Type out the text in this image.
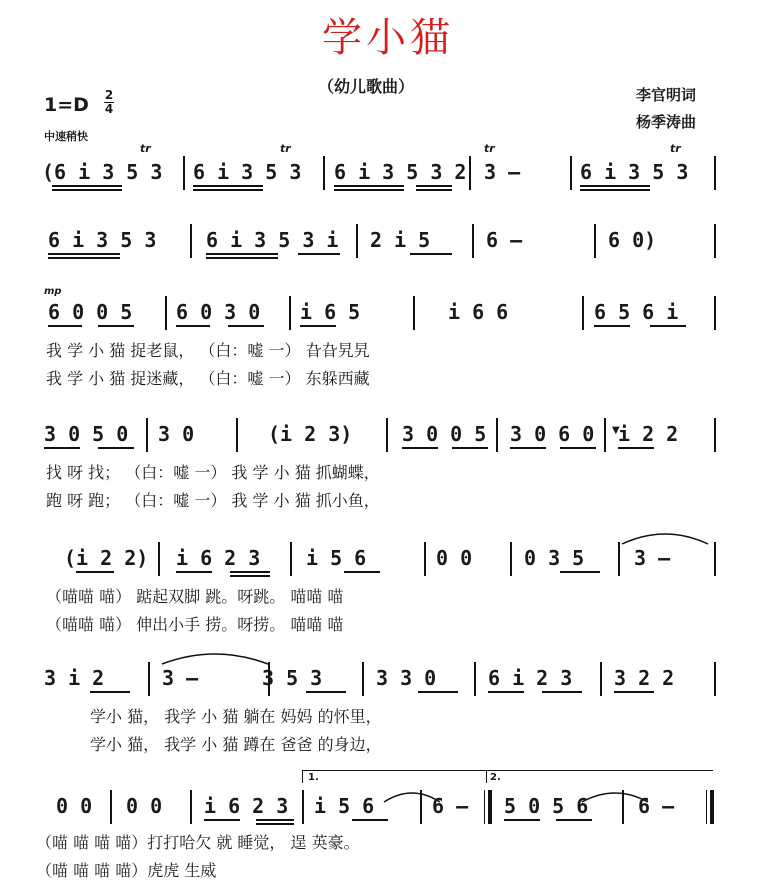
学小猫
（幼儿歌曲）	李官明词
杨季涛曲
1=D 2
4
中速稍快
mp
(6 i 3 5 3 6 i 3 5 3 6 i 3 5 3 2 3 –	6 i 3 5 3
tr	tr	tr	tr
6 i 3 5 3 6 i 3 5 3 i 2 i 5	6 –	6 0)
▼
6 0 0 5 6 0 3 0 i 6 5	i 6 6	6 5 6 i
我 学 小 猫 捉老鼠， （白：嘘 一） 旮旮旯旯
我 学 小 猫 捉迷藏， （白：嘘 一） 东躲西藏
3 0 5 0 3 0	(i 2 3) 3 0 0 5 3 0 6 0 i 2 2
找 呀 找； （白：嘘 一） 我 学 小 猫 抓蝴蝶，
跑 呀 跑； （白：嘘 一） 我 学 小 猫 抓小鱼，
(i 2 2) i 6 2 3 i 5 6	0 0	0 3 5 3 –
（喵喵 喵） 踮起双脚 跳。呀跳。 喵喵 喵
（喵喵 喵） 伸出小手 捞。呀捞。 喵喵 喵
3 i 2	3 –	3 5 3	3 3 0	6 i 2 3 3 2 2
学小 猫， 我学 小 猫 躺在 妈妈 的怀里，
学小 猫， 我学 小 猫 蹲在 爸爸 的身边，
1.	2.
0 0 0 0 i 6 2 3 i 5 6	6 – 5 0 5 6 6 –
（喵 喵 喵 喵）打打哈欠 就 睡觉， 逞 英豪。
（喵 喵 喵 喵）虎虎 生威
